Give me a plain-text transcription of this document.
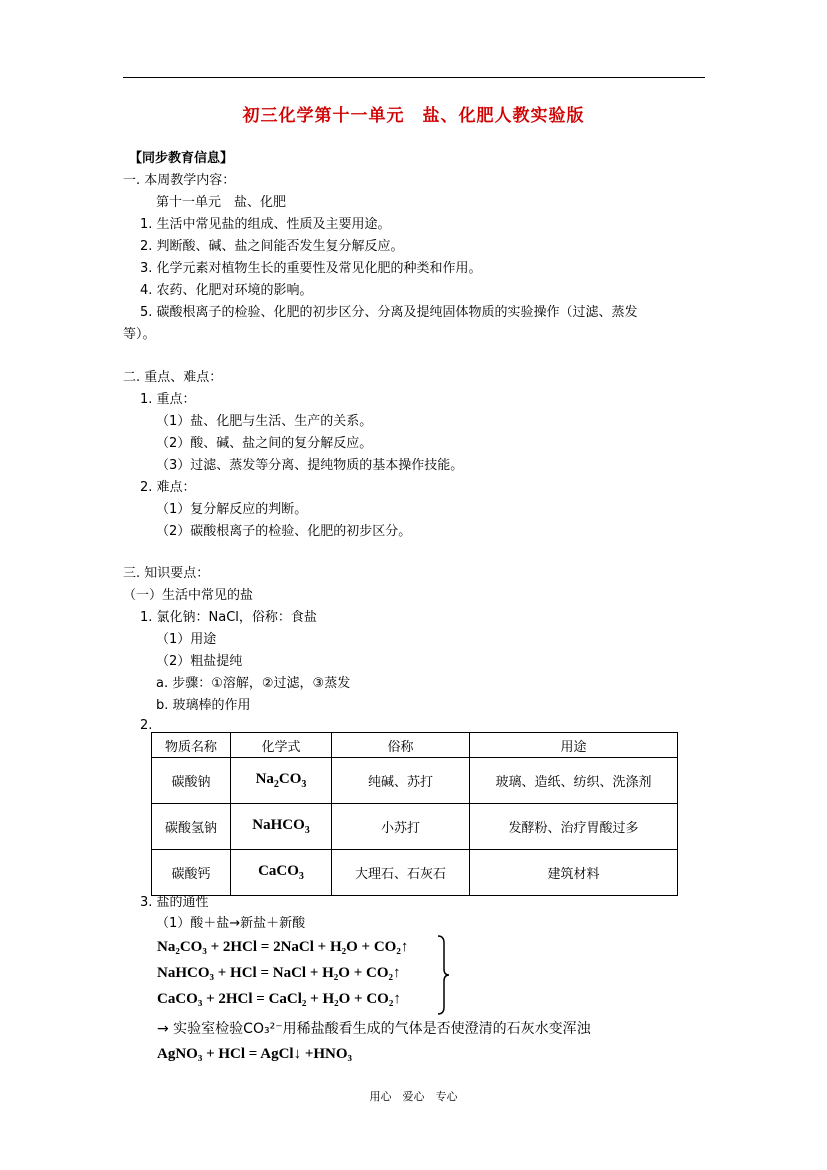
初三化学第十一单元　盐、化肥人教实验版
【同步教育信息】
一. 本周教学内容：
第十一单元　盐、化肥
1. 生活中常见盐的组成、性质及主要用途。
2. 判断酸、碱、盐之间能否发生复分解反应。
3. 化学元素对植物生长的重要性及常见化肥的种类和作用。
4. 农药、化肥对环境的影响。
5. 碳酸根离子的检验、化肥的初步区分、分离及提纯固体物质的实验操作（过滤、蒸发
等）。
二. 重点、难点：
1. 重点：
（1）盐、化肥与生活、生产的关系。
（2）酸、碱、盐之间的复分解反应。
（3）过滤、蒸发等分离、提纯物质的基本操作技能。
2. 难点：
（1）复分解反应的判断。
（2）碳酸根离子的检验、化肥的初步区分。
三. 知识要点：
（一）生活中常见的盐
1. 氯化钠：NaCl，俗称：食盐
（1）用途
（2）粗盐提纯
a. 步骤：①溶解，②过滤，③蒸发
b. 玻璃棒的作用
2.
物质名称	化学式	俗称	用途
碳酸钠	$Na_2CO_3$	纯碱、苏打	玻璃、造纸、纺织、洗涤剂
碳酸氢钠	NaHCO$_3$	小苏打	发酵粉、治疗胃酸过多
碳酸钙	CaCO$_3$	大理石、石灰石	建筑材料
3. 盐的通性
（1）酸＋盐→新盐＋新酸
Na₂CO₃ + 2HCl = 2NaCl + H₂O + CO₂↑
NaHCO₃ + HCl = NaCl + H₂O + CO₂↑
CaCO₃ + 2HCl = CaCl₂ + H₂O + CO₂↑
→ 实验室检验CO₃²⁻用稀盐酸看生成的气体是否使澄清的石灰水变浑浊
AgNO₃ + HCl = AgCl↓ +HNO₃
用心　爱心　专心
